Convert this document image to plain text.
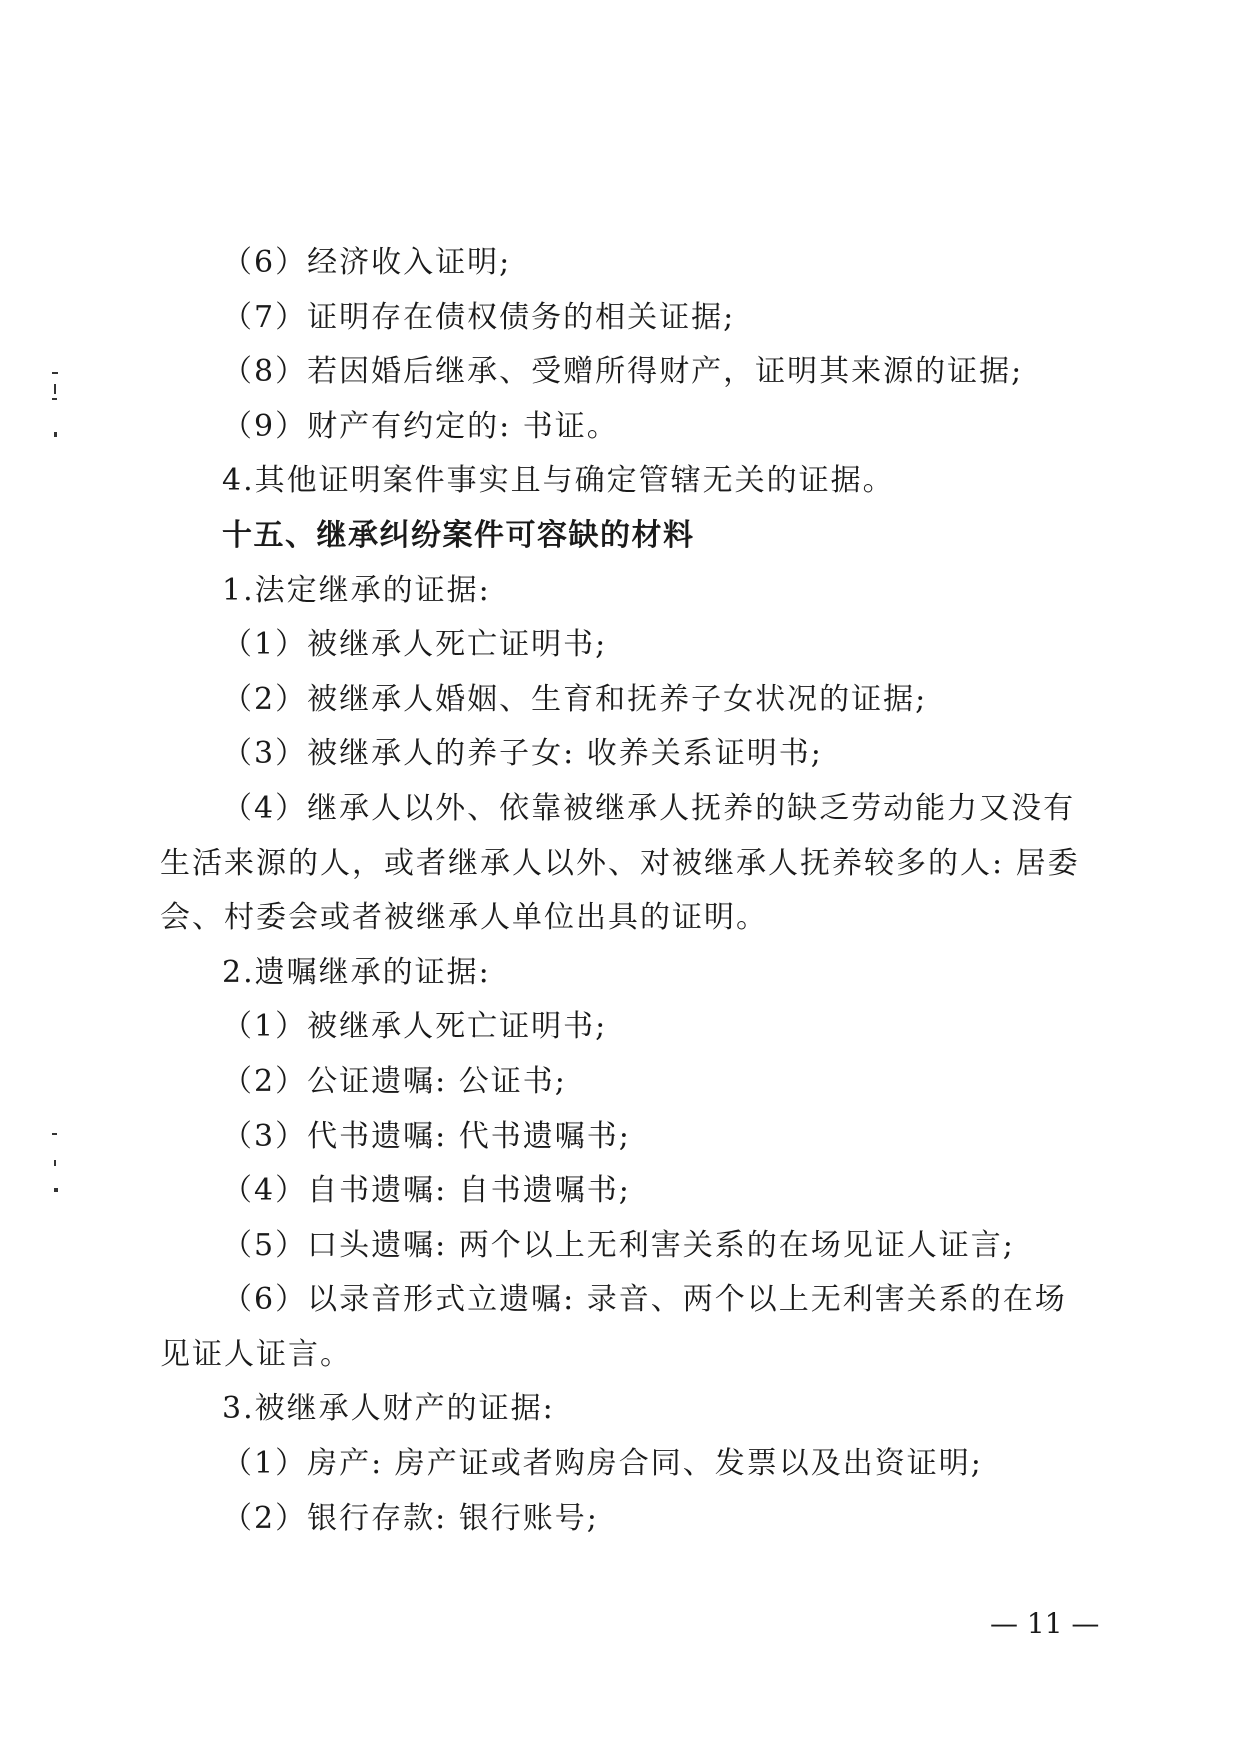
（6）经济收入证明;
（7）证明存在债权债务的相关证据;
（8）若因婚后继承、受赠所得财产，证明其来源的证据;
（9）财产有约定的: 书证。
4.其他证明案件事实且与确定管辖无关的证据。
十五、继承纠纷案件可容缺的材料
1.法定继承的证据:
（1）被继承人死亡证明书;
（2）被继承人婚姻、生育和抚养子女状况的证据;
（3）被继承人的养子女: 收养关系证明书;
（4）继承人以外、依靠被继承人抚养的缺乏劳动能力又没有
生活来源的人，或者继承人以外、对被继承人抚养较多的人: 居委
会、村委会或者被继承人单位出具的证明。
2.遗嘱继承的证据:
（1）被继承人死亡证明书;
（2）公证遗嘱: 公证书;
（3）代书遗嘱: 代书遗嘱书;
（4）自书遗嘱: 自书遗嘱书;
（5）口头遗嘱: 两个以上无利害关系的在场见证人证言;
（6）以录音形式立遗嘱: 录音、两个以上无利害关系的在场
见证人证言。
3.被继承人财产的证据:
（1）房产: 房产证或者购房合同、发票以及出资证明;
（2）银行存款: 银行账号;
— 11 —
